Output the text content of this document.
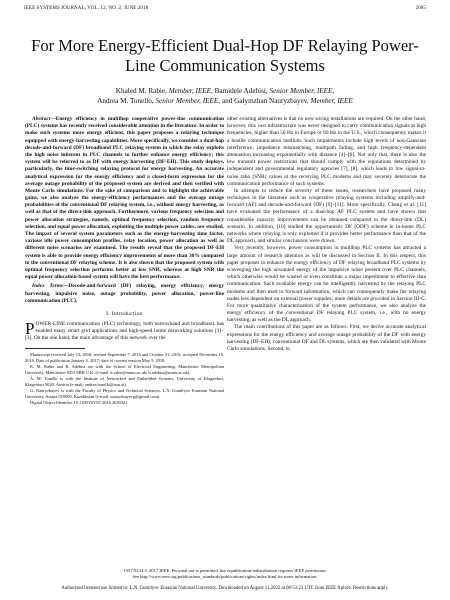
IEEE SYSTEMS JOURNAL, VOL. 12, NO. 2, JUNE 2018	2005
For More Energy-Efficient Dual-Hop DF Relaying Power-Line Communication Systems
Khaled M. Rabie, Member, IEEE, Bamidele Adebisi, Senior Member, IEEE,
Andrea M. Tonello, Senior Member, IEEE, and Galymzhan Nauryzbayev, Member, IEEE

Abstract—Energy efficiency in multihop cooperative power-line communication (PLC) systems has recently received considerable attention in the literature. In order to make such systems more energy efficient, this paper proposes a relaying technique equipped with energy-harvesting capabilities. More specifically, we consider a dual-hop decode-and-forward (DF) broadband PLC relaying system in which the relay exploits the high noise inherent in PLC channels to further enhance energy efficiency; this system will be referred to as DF with energy harvesting (DF-EH). This study deploys, particularly, the time-switching relaying protocol for energy harvesting. An accurate analytical expression for the energy efficiency and a closed-form expression for the average outage probability of the proposed system are derived and then verified with Monte Carlo simulations. For the sake of comparison and to highlight the achievable gains, we also analyze the energy-efficiency performances and the average outage probabilities of the conventional DF relaying system, i.e., without energy harvesting, as well as that of the direct-link approach. Furthermore, various frequency selection and power allocation strategies, namely, optimal frequency selection, random frequency selection, and equal power allocation, exploiting the multiple power cables, are studied. The impact of several system parameters such as the energy-harvesting time factor, various idle power consumption profiles, relay location, power allocation as well as different noise scenarios are examined. The results reveal that the proposed DF-EH system is able to provide energy efficiency improvements of more than 30% compared to the conventional DF relaying scheme. It is also shown that the proposed system with optimal frequency selection performs better at low SNR, whereas at high SNR the equal power allocation-based system will have the best performance.

Index Terms—Decode-and-forward (DF) relaying, energy efficiency, energy harvesting, impulsive noise, outage probability, power allocation, power-line communication (PLC).

I. Introduction

POWER-LINE communication (PLC) technology, both narrowband and broadband, has enabled many smart grid applications and high-speed home networking solutions [1]–[3]. On the one hand, the main advantage of this network over the

Manuscript received July 15, 2016; revised September 7, 2016 and October 31, 2016; accepted December 10, 2016. Date of publication January 5, 2017; date of current version May 5, 2018.

K. M. Rabie and B. Adebisi are with the School of Electrical Engineering, Manchester Metropolitan University, Manchester M15 6BH U.K. (e-mail: k.rabie@mmu.ac.uk; b.adebisi@mmu.ac.uk).

A. M. Tonello is with the Institute of Networked and Embedded Systems, University of Klagenfurt, Klagenfurt 9020, Austria (e-mail: andrea.tonello@aau.at).

G. Nauryzbayev is with the Faculty of Physics and Technical Sciences, L.N. Gumilyov Eurasian National University, Astana 010000, Kazakhstan (e-mail: nauryzbayevg@gmail.com).

Digital Object Identifier 10.1109/JSYST.2016.2639321

other existing alternatives is that no new wiring installations are required. On the other hand, however, this vast infrastructure was never designed to carry communication signals at high frequencies, higher than 50 Hz in Europe or 60 Hz in the U.S., which consequently makes it a hostile communication medium. Such impairments include high levels of non-Gaussian interference, impedance mismatching, multipath fading, and high frequency-dependent attenuation increasing exponentially with distance [4]–[6]. Not only that, there is also the low transmit power restrictions that should comply with the regulations determined by independent and governmental regulatory agencies [7], [8], which leads to low signal-to-noise ratio (SNR) values at the receiving PLC modems and may severely deteriorate the communication performance of such systems.

In attempts to reduce the severity of these issues, researchers have proposed many techniques in the literature such as cooperative relaying systems including amplify-and-forward (AF) and decode-and-forward (DF) [9]–[11]. More specifically, Cheng et al. [11] have evaluated the performance of a dual-hop AF PLC system and have shown that considerable capacity improvements can be obtained compared to the direct-link (DL) scenario. In addition, [10] studied the opportunistic DF (ODF) scheme in in-home PLC networks where relaying is only exploited if it provides better performance than that of the DL approach, and similar conclusions were drawn.

Very recently, however, power consumption in multihop PLC systems has attracted a large amount of research attention as will be discussed in Section II. In this respect, this paper proposes to enhance the energy efficiency of DF relaying broadband PLC systems by scavenging the high unwanted energy of the impulsive noise present over PLC channels, which otherwise would be wasted or even constitute a major impediment to effective data communication. Such available energy can be intelligently harvested by the relaying PLC modems and then used to forward information, which can consequently make the relaying nodes less dependent on external power supplies; more details are provided in Section III-C. For more quantitative characterization of the system performance, we also analyze the energy efficiency of the conventional DF relaying PLC system, i.e., with no energy harvesting, as well as the DL approach.

The main contributions of this paper are as follows. First, we derive accurate analytical expressions for the energy efficiency and average outage probability of the DF with energy harvesting (DF-EH), conventional DF and DL systems, which are then validated with Monte Carlo simulations. Second, to

1937-9234 © 2017 IEEE. Personal use is permitted, but republication/redistribution requires IEEE permission.
See http://www.ieee.org/publications_standards/publications/rights/index.html for more information.
Authorized licensed use limited to: L.N. Gumilyov Eurasian National University. Downloaded on August 11,2022 at 08:53:23 UTC from IEEE Xplore. Restrictions apply.
